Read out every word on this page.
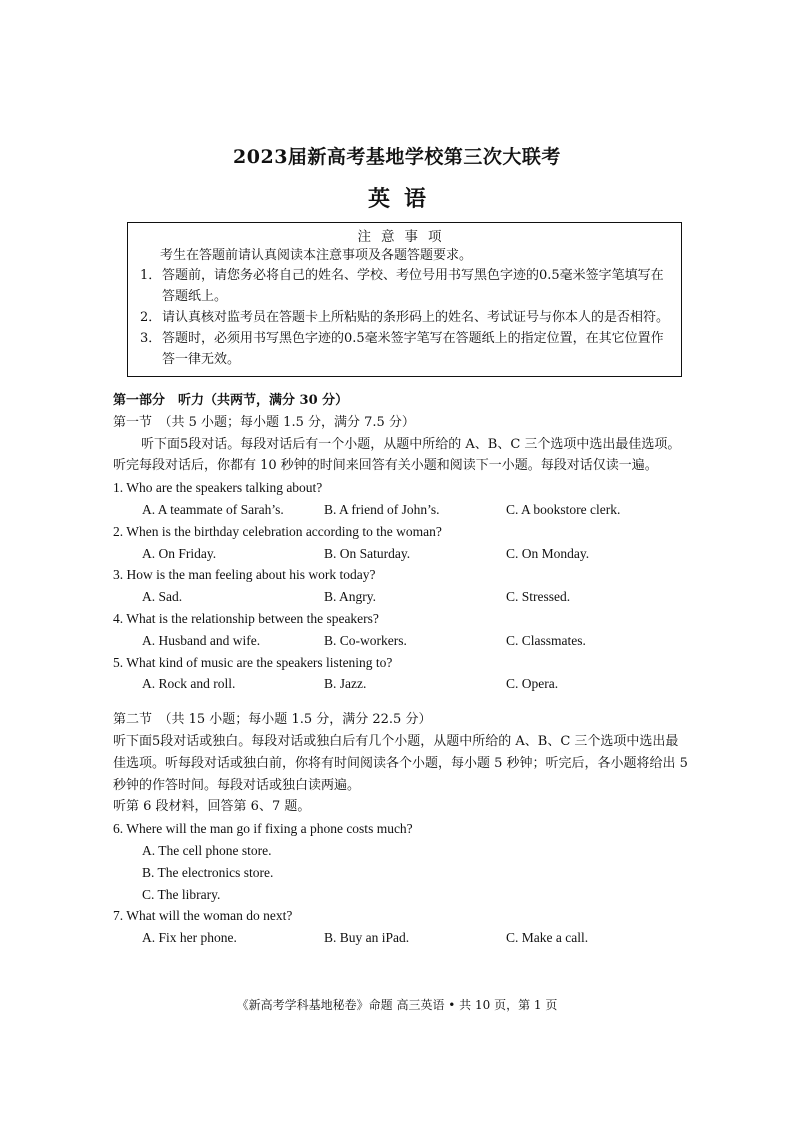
2023届新高考基地学校第三次大联考
英语
注意事项
考生在答题前请认真阅读本注意事项及各题答题要求。
1． 答题前，请您务必将自己的姓名、学校、考位号用书写黑色字迹的0.5毫米签字笔填写在答题纸上。
2． 请认真核对监考员在答题卡上所粘贴的条形码上的姓名、考试证号与你本人的是否相符。
3． 答题时，必须用书写黑色字迹的0.5毫米签字笔写在答题纸上的指定位置，在其它位置作答一律无效。
第一部分　听力（共两节，满分 30 分）
第一节　（共 5 小题；每小题 1.5 分，满分 7.5 分）
听下面5段对话。每段对话后有一个小题，从题中所给的 A、B、C 三个选项中选出最佳选项。听完每段对话后，你都有 10 秒钟的时间来回答有关小题和阅读下一小题。每段对话仅读一遍。
1. Who are the speakers talking about?
A. A teammate of Sarah’s.	B. A friend of John’s.	C. A bookstore clerk.
2. When is the birthday celebration according to the woman?
A. On Friday.	B. On Saturday.	C. On Monday.
3. How is the man feeling about his work today?
A. Sad.	B. Angry.	C. Stressed.
4. What is the relationship between the speakers?
A. Husband and wife.	B. Co-workers.	C. Classmates.
5. What kind of music are the speakers listening to?
A. Rock and roll.	B. Jazz.	C. Opera.
第二节　（共 15 小题；每小题 1.5 分，满分 22.5 分）
听下面5段对话或独白。每段对话或独白后有几个小题，从题中所给的 A、B、C 三个选项中选出最佳选项。听每段对话或独白前，你将有时间阅读各个小题，每小题 5 秒钟；听完后，各小题将给出 5 秒钟的作答时间。每段对话或独白读两遍。
听第 6 段材料，回答第 6、7 题。
6. Where will the man go if fixing a phone costs much?
A. The cell phone store.
B. The electronics store.
C. The library.
7. What will the woman do next?
A. Fix her phone.	B. Buy an iPad.	C. Make a call.
《新高考学科基地秘卷》命题 高三英语 • 共 10 页，第 1 页
